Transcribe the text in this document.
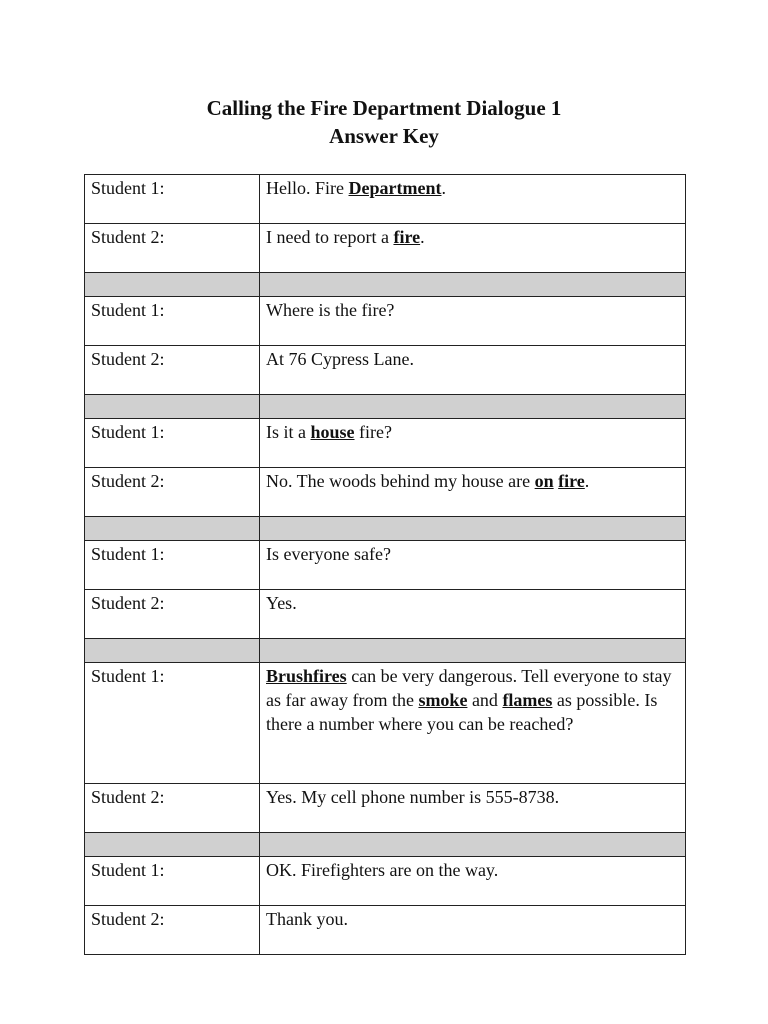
Calling the Fire Department Dialogue 1
Answer Key
Student 1:	Hello. Fire Department.
Student 2:	I need to report a fire.

Student 1:	Where is the fire?
Student 2:	At 76 Cypress Lane.

Student 1:	Is it a house fire?
Student 2:	No. The woods behind my house are on fire.

Student 1:	Is everyone safe?
Student 2:	Yes.

Student 1:	Brushfires can be very dangerous. Tell everyone to stay as far away from the smoke and flames as possible. Is there a number where you can be reached?
Student 2:	Yes. My cell phone number is 555-8738.

Student 1:	OK. Firefighters are on the way.
Student 2:	Thank you.
